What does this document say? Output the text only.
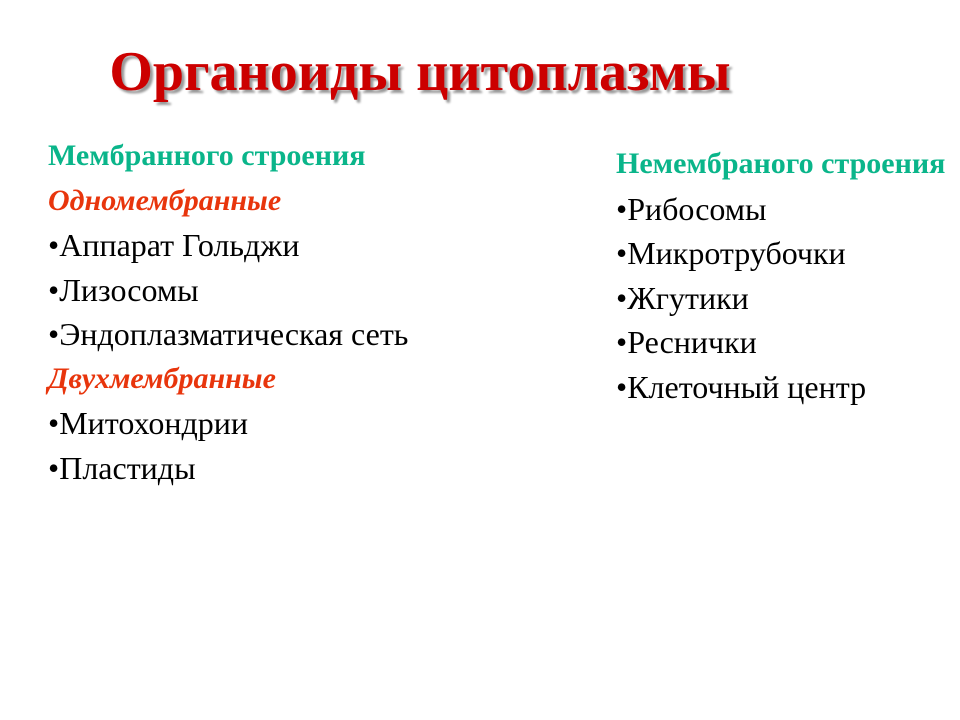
Органоиды цитоплазмы
Мембранного строения
Одномембранные
•Аппарат Гольджи
•Лизосомы
•Эндоплазматическая сеть
Двухмембранные
•Митохондрии
•Пластиды
Немембраного строения
•Рибосомы
•Микротрубочки
•Жгутики
•Реснички
•Клеточный центр
